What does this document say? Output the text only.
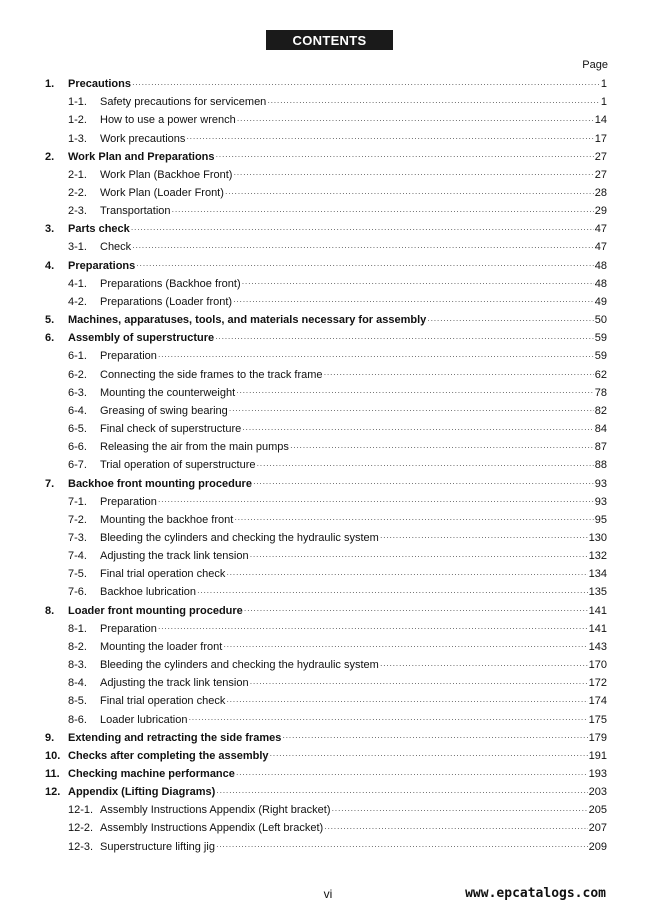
CONTENTS
Page
1.	Precautions ·····	1
1-1.	Safety precautions for servicemen ·····	1
1-2.	How to use a power wrench ·····	14
1-3.	Work precautions ·····	17
2.	Work Plan and Preparations ·····	27
2-1.	Work Plan (Backhoe Front) ·····	27
2-2.	Work Plan (Loader Front) ·····	28
2-3.	Transportation ·····	29
3.	Parts check ·····	47
3-1.	Check ·····	47
4.	Preparations ·····	48
4-1.	Preparations (Backhoe front) ·····	48
4-2.	Preparations (Loader front) ·····	49
5.	Machines, apparatuses, tools, and materials necessary for assembly ·····	50
6.	Assembly of superstructure ·····	59
6-1.	Preparation ·····	59
6-2.	Connecting the side frames to the track frame ·····	62
6-3.	Mounting the counterweight ·····	78
6-4.	Greasing of swing bearing ·····	82
6-5.	Final check of superstructure ·····	84
6-6.	Releasing the air from the main pumps ·····	87
6-7.	Trial operation of superstructure ·····	88
7.	Backhoe front mounting procedure ·····	93
7-1.	Preparation ·····	93
7-2.	Mounting the backhoe front ·····	95
7-3.	Bleeding the cylinders and checking the hydraulic system ·····	130
7-4.	Adjusting the track link tension ·····	132
7-5.	Final trial operation check ·····	134
7-6.	Backhoe lubrication ·····	135
8.	Loader front mounting procedure ·····	141
8-1.	Preparation ·····	141
8-2.	Mounting the loader front ·····	143
8-3.	Bleeding the cylinders and checking the hydraulic system ·····	170
8-4.	Adjusting the track link tension ·····	172
8-5.	Final trial operation check ·····	174
8-6.	Loader lubrication ·····	175
9.	Extending and retracting the side frames ·····	179
10. Checks after completing the assembly ·····	191
11. Checking machine performance ·····	193
12. Appendix (Lifting Diagrams) ·····	203
12-1. Assembly Instructions Appendix (Right bracket) ·····	205
12-2. Assembly Instructions Appendix (Left bracket) ·····	207
12-3. Superstructure lifting jig ·····	209
vi	www.epcatalogs.com
